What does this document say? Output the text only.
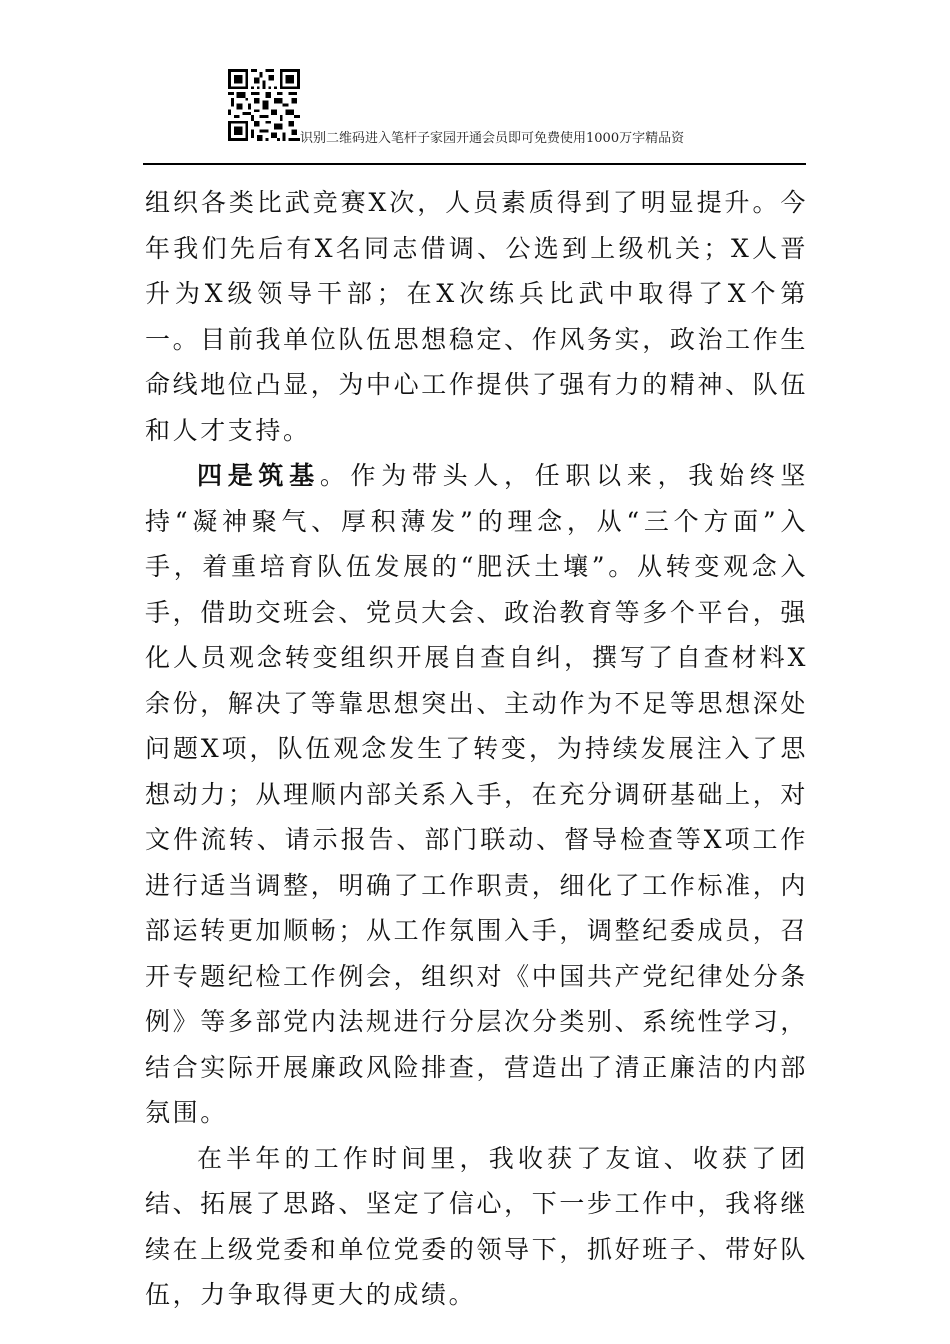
识别二维码进入笔杆子家园开通会员即可免费使用1000万字精品资

组织各类比武竞赛X次，人员素质得到了明显提升。今年我们先后有X名同志借调、公选到上级机关；X人晋升为X级领导干部；在X次练兵比武中取得了X个第一。目前我单位队伍思想稳定、作风务实，政治工作生命线地位凸显，为中心工作提供了强有力的精神、队伍和人才支持。

四是筑基。作为带头人，任职以来，我始终坚持“凝神聚气、厚积薄发”的理念，从“三个方面”入手，着重培育队伍发展的“肥沃土壤”。从转变观念入手，借助交班会、党员大会、政治教育等多个平台，强化人员观念转变组织开展自查自纠，撰写了自查材料X余份，解决了等靠思想突出、主动作为不足等思想深处问题X项，队伍观念发生了转变，为持续发展注入了思想动力；从理顺内部关系入手，在充分调研基础上，对文件流转、请示报告、部门联动、督导检查等X项工作进行适当调整，明确了工作职责，细化了工作标准，内部运转更加顺畅；从工作氛围入手，调整纪委成员，召开专题纪检工作例会，组织对《中国共产党纪律处分条例》等多部党内法规进行分层次分类别、系统性学习，结合实际开展廉政风险排查，营造出了清正廉洁的内部氛围。

在半年的工作时间里，我收获了友谊、收获了团结、拓展了思路、坚定了信心，下一步工作中，我将继续在上级党委和单位党委的领导下，抓好班子、带好队伍，力争取得更大的成绩。
